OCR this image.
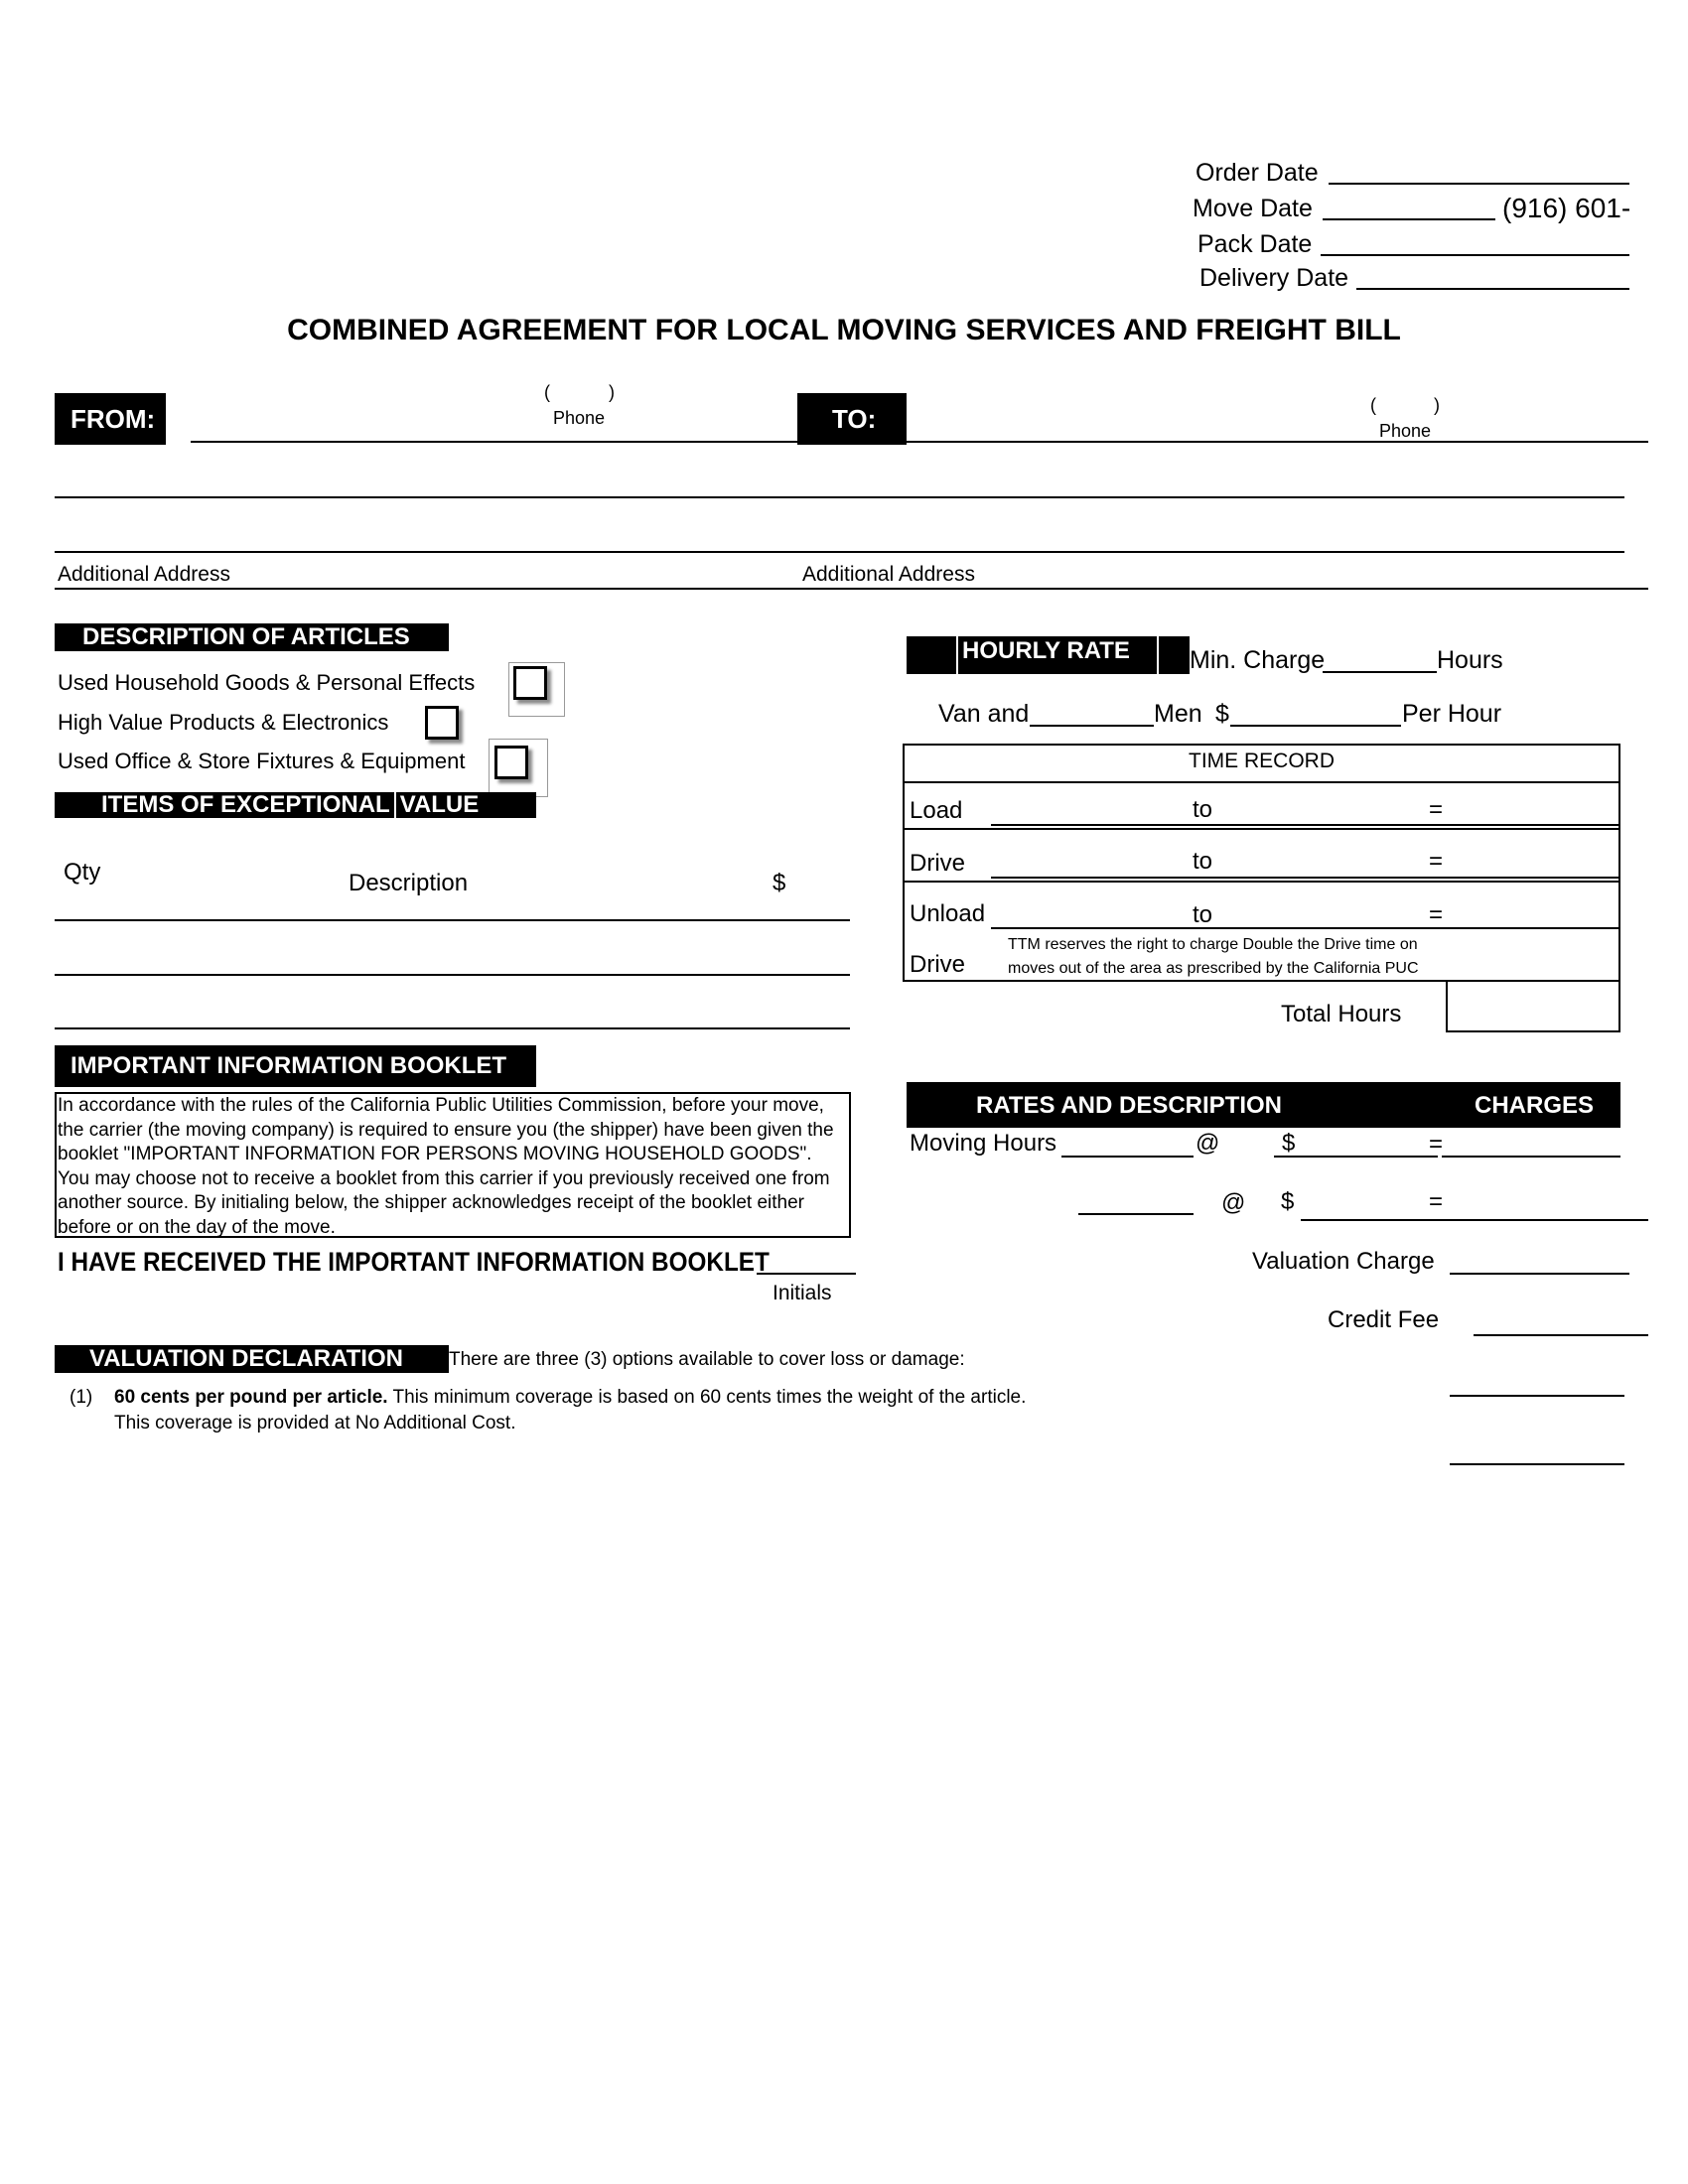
Order Date
Move Date	(916) 601-
Pack Date
Delivery Date
COMBINED AGREEMENT FOR LOCAL MOVING SERVICES AND FREIGHT BILL
FROM:
(	)
Phone	TO:	(	)
Phone
Additional Address	Additional Address
DESCRIPTION OF ARTICLES
Used Household Goods & Personal Effects
High Value Products & Electronics
Used Office & Store Fixtures & Equipment
ITEMS OF EXCEPTIONAL VALUE
Qty	Description	$
IMPORTANT INFORMATION BOOKLET
In accordance with the rules of the California Public Utilities Commission, before your move,
the carrier (the moving company) is required to ensure you (the shipper) have been given the
booklet "IMPORTANT INFORMATION FOR PERSONS MOVING HOUSEHOLD GOODS".
You may choose not to receive a booklet from this carrier if you previously received one from
another source. By initialing below, the shipper acknowledges receipt of the booklet either
before or on the day of the move.
I HAVE RECEIVED THE IMPORTANT INFORMATION BOOKLET
Initials
VALUATION DECLARATION	There are three (3) options available to cover loss or damage:
(1) 60 cents per pound per article. This minimum coverage is based on 60 cents times the weight of the article.
This coverage is provided at No Additional Cost.
HOURLY RATE Min. Charge	Hours
Van and	Men $	Per Hour
TIME RECORD
Load	to	=
Drive	to	=
Unload	to	=
Drive
TTM reserves the right to charge Double the Drive time on
moves out of the area as prescribed by the California PUC
Total Hours
RATES AND DESCRIPTION	CHARGES
Moving Hours	@	$	=
@ $	=
Valuation Charge
Credit Fee
